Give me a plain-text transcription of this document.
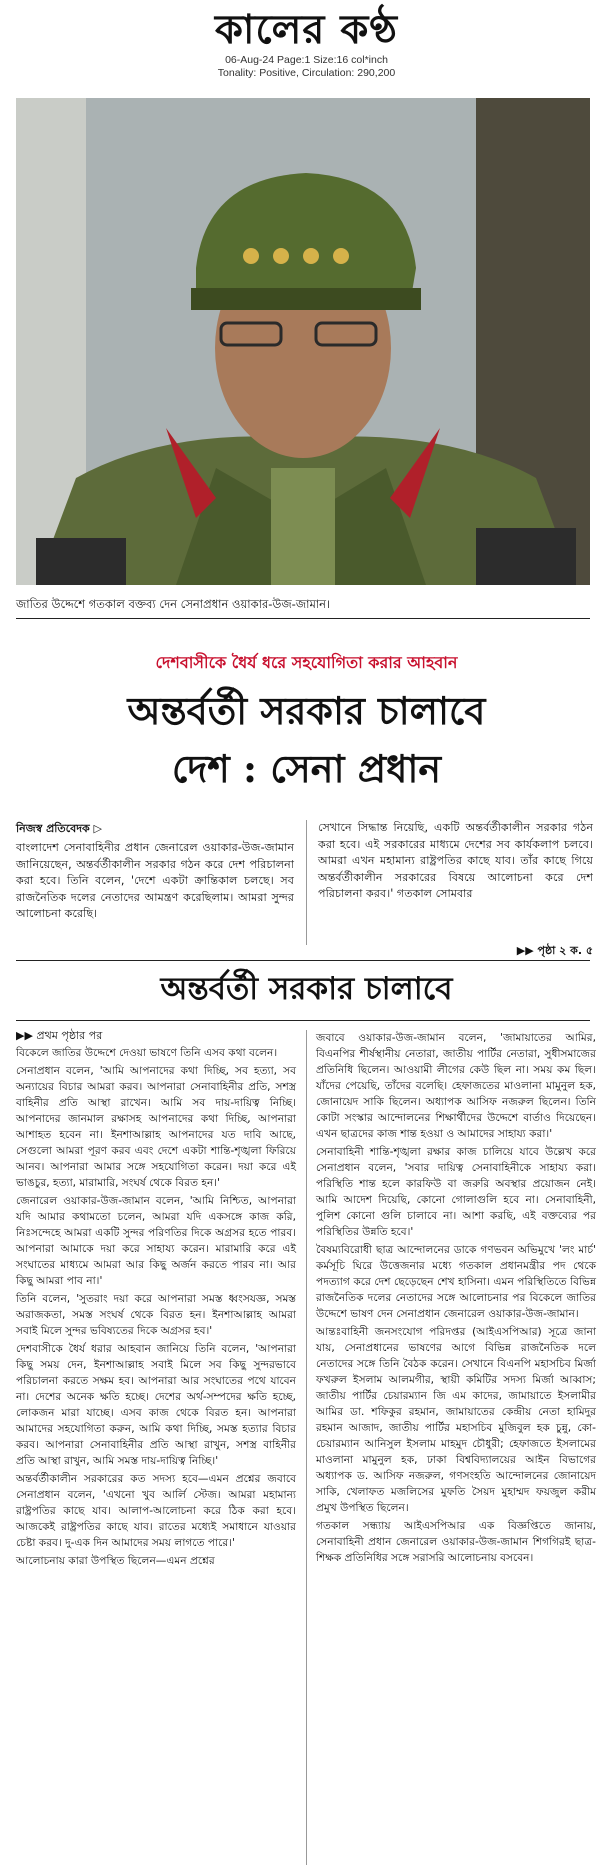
কালের কণ্ঠ
06-Aug-24 Page:1 Size:16 col*inch
Tonality: Positive, Circulation: 290,200
জাতির উদ্দেশে গতকাল বক্তব্য দেন সেনাপ্রধান ওয়াকার-উজ-জামান।
দেশবাসীকে ধৈর্য ধরে সহযোগিতা করার আহবান
অন্তর্বর্তী সরকার চালাবে
দেশ : সেনা প্রধান
নিজস্ব প্রতিবেদক ▷

বাংলাদেশ সেনাবাহিনীর প্রধান জেনারেল ওয়াকার-উজ-জামান জানিয়েছেন, অন্তর্বর্তীকালীন সরকার গঠন করে দেশ পরিচালনা করা হবে। তিনি বলেন, 'দেশে একটা ক্রান্তিকাল চলছে। সব রাজনৈতিক দলের নেতাদের আমন্ত্রণ করেছিলাম। আমরা সুন্দর আলোচনা করেছি।

সেখানে সিদ্ধান্ত নিয়েছি, একটি অন্তর্বর্তীকালীন সরকার গঠন করা হবে। এই সরকারের মাধ্যমে দেশের সব কার্যকলাপ চলবে। আমরা এখন মহামান্য রাষ্ট্রপতির কাছে যাব। তাঁর কাছে গিয়ে অন্তর্বর্তীকালীন সরকারের বিষয়ে আলোচনা করে দেশ পরিচালনা করব।' গতকাল সোমবার

▶▶ পৃষ্ঠা ২ ক. ৫
অন্তর্বর্তী সরকার চালাবে
▶▶ প্রথম পৃষ্ঠার পর

বিকেলে জাতির উদ্দেশে দেওয়া ভাষণে তিনি এসব কথা বলেন।

সেনাপ্রধান বলেন, 'আমি আপনাদের কথা দিচ্ছি, সব হত্যা, সব অন্যায়ের বিচার আমরা করব। আপনারা সেনাবাহিনীর প্রতি, সশস্ত্র বাহিনীর প্রতি আস্থা রাখেন। আমি সব দায়-দায়িত্ব নিচ্ছি। আপনাদের জানমাল রক্ষাসহ আপনাদের কথা দিচ্ছি, আপনারা আশাহত হবেন না। ইনশাআল্লাহ আপনাদের যত দাবি আছে, সেগুলো আমরা পূরণ করব এবং দেশে একটা শান্তি-শৃঙ্খলা ফিরিয়ে আনব। আপনারা আমার সঙ্গে সহযোগিতা করেন। দয়া করে এই ভাঙচুর, হত্যা, মারামারি, সংঘর্ষ থেকে বিরত হন।'

জেনারেল ওয়াকার-উজ-জামান বলেন, 'আমি নিশ্চিত, আপনারা যদি আমার কথামতো চলেন, আমরা যদি একসঙ্গে কাজ করি, নিঃসন্দেহে আমরা একটি সুন্দর পরিণতির দিকে অগ্রসর হতে পারব। আপনারা আমাকে দয়া করে সাহায্য করেন। মারামারি করে এই সংঘাতের মাধ্যমে আমরা আর কিছু অর্জন করতে পারব না। আর কিছু আমরা পাব না।'

তিনি বলেন, 'সুতরাং দয়া করে আপনারা সমস্ত ধ্বংসযজ্ঞ, সমস্ত অরাজকতা, সমস্ত সংঘর্ষ থেকে বিরত হন। ইনশাআল্লাহ আমরা সবাই মিলে সুন্দর ভবিষ্যতের দিকে অগ্রসর হব।'

দেশবাসীকে ধৈর্য ধরার আহবান জানিয়ে তিনি বলেন, 'আপনারা কিছু সময় দেন, ইনশাআল্লাহ সবাই মিলে সব কিছু সুন্দরভাবে পরিচালনা করতে সক্ষম হব। আপনারা আর সংঘাতের পথে যাবেন না। দেশের অনেক ক্ষতি হচ্ছে। দেশের অর্থ-সম্পদের ক্ষতি হচ্ছে, লোকজন মারা যাচ্ছে। এসব কাজ থেকে বিরত হন। আপনারা আমাদের সহযোগিতা করুন, আমি কথা দিচ্ছি, সমস্ত হত্যার বিচার করব। আপনারা সেনাবাহিনীর প্রতি আস্থা রাখুন, সশস্ত্র বাহিনীর প্রতি আস্থা রাখুন, আমি সমস্ত দায়-দায়িত্ব নিচ্ছি।'

অন্তর্বর্তীকালীন সরকারের কত সদস্য হবে—এমন প্রশ্নের জবাবে সেনাপ্রধান বলেন, 'এখনো খুব আর্লি স্টেজ। আমরা মহামান্য রাষ্ট্রপতির কাছে যাব। আলাপ-আলোচনা করে ঠিক করা হবে। আজকেই রাষ্ট্রপতির কাছে যাব। রাতের মধ্যেই সমাধানে যাওয়ার চেষ্টা করব। দু-এক দিন আমাদের সময় লাগতে পারে।'

আলোচনায় কারা উপস্থিত ছিলেন—এমন প্রশ্নের

জবাবে ওয়াকার-উজ-জামান বলেন, 'জামায়াতের আমির, বিএনপির শীর্ষস্থানীয় নেতারা, জাতীয় পার্টির নেতারা, সুধীসমাজের প্রতিনিধি ছিলেন। আওয়ামী লীগের কেউ ছিল না। সময় কম ছিল। যাঁদের পেয়েছি, তাঁদের বলেছি। হেফাজতের মাওলানা মামুনুল হক, জোনায়েদ সাকি ছিলেন। অধ্যাপক আসিফ নজরুল ছিলেন। তিনি কোটা সংস্কার আন্দোলনের শিক্ষার্থীদের উদ্দেশে বার্তাও দিয়েছেন। এখন ছাত্রদের কাজ শান্ত হওয়া ও আমাদের সাহায্য করা।'

সেনাবাহিনী শান্তি-শৃঙ্খলা রক্ষার কাজ চালিয়ে যাবে উল্লেখ করে সেনাপ্রধান বলেন, 'সবার দায়িত্ব সেনাবাহিনীকে সাহায্য করা। পরিস্থিতি শান্ত হলে কারফিউ বা জরুরি অবস্থার প্রয়োজন নেই। আমি আদেশ দিয়েছি, কোনো গোলাগুলি হবে না। সেনাবাহিনী, পুলিশ কোনো গুলি চালাবে না। আশা করছি, এই বক্তব্যের পর পরিস্থিতির উন্নতি হবে।'

বৈষম্যবিরোধী ছাত্র আন্দোলনের ডাকে গণভবন অভিমুখে 'লং মার্চ' কর্মসূচি ঘিরে উত্তেজনার মধ্যে গতকাল প্রধানমন্ত্রীর পদ থেকে পদত্যাগ করে দেশ ছেড়েছেন শেখ হাসিনা। এমন পরিস্থিতিতে বিভিন্ন রাজনৈতিক দলের নেতাদের সঙ্গে আলোচনার পর বিকেলে জাতির উদ্দেশে ভাষণ দেন সেনাপ্রধান জেনারেল ওয়াকার-উজ-জামান।

আন্তঃবাহিনী জনসংযোগ পরিদপ্তর (আইএসপিআর) সূত্রে জানা যায়, সেনাপ্রধানের ভাষণের আগে বিভিন্ন রাজনৈতিক দলে নেতাদের সঙ্গে তিনি বৈঠক করেন। সেখানে বিএনপি মহাসচিব মির্জা ফখরুল ইসলাম আলমগীর, স্থায়ী কমিটির সদস্য মির্জা আব্বাস; জাতীয় পার্টির চেয়ারম্যান জি এম কাদের, জামায়াতে ইসলামীর আমির ডা. শফিকুর রহমান, জামায়াতের কেন্দ্রীয় নেতা হামিদুর রহমান আজাদ, জাতীয় পার্টির মহাসচিব মুজিবুল হক চুন্নু, কো-চেয়ারম্যান আনিসুল ইসলাম মাহমুদ চৌধুরী; হেফাজতে ইসলামের মাওলানা মামুনুল হক, ঢাকা বিশ্ববিদ্যালয়ের আইন বিভাগের অধ্যাপক ড. আসিফ নজরুল, গণসংহতি আন্দোলনের জোনায়েদ সাকি, খেলাফত মজলিসের মুফতি সৈয়দ মুহাম্মদ ফয়জুল করীম প্রমুখ উপস্থিত ছিলেন।

গতকাল সন্ধ্যায় আইএসপিআর এক বিজ্ঞপ্তিতে জানায়, সেনাবাহিনী প্রধান জেনারেল ওয়াকার-উজ-জামান শিগগিরই ছাত্র-শিক্ষক প্রতিনিধির সঙ্গে সরাসরি আলোচনায় বসবেন।
